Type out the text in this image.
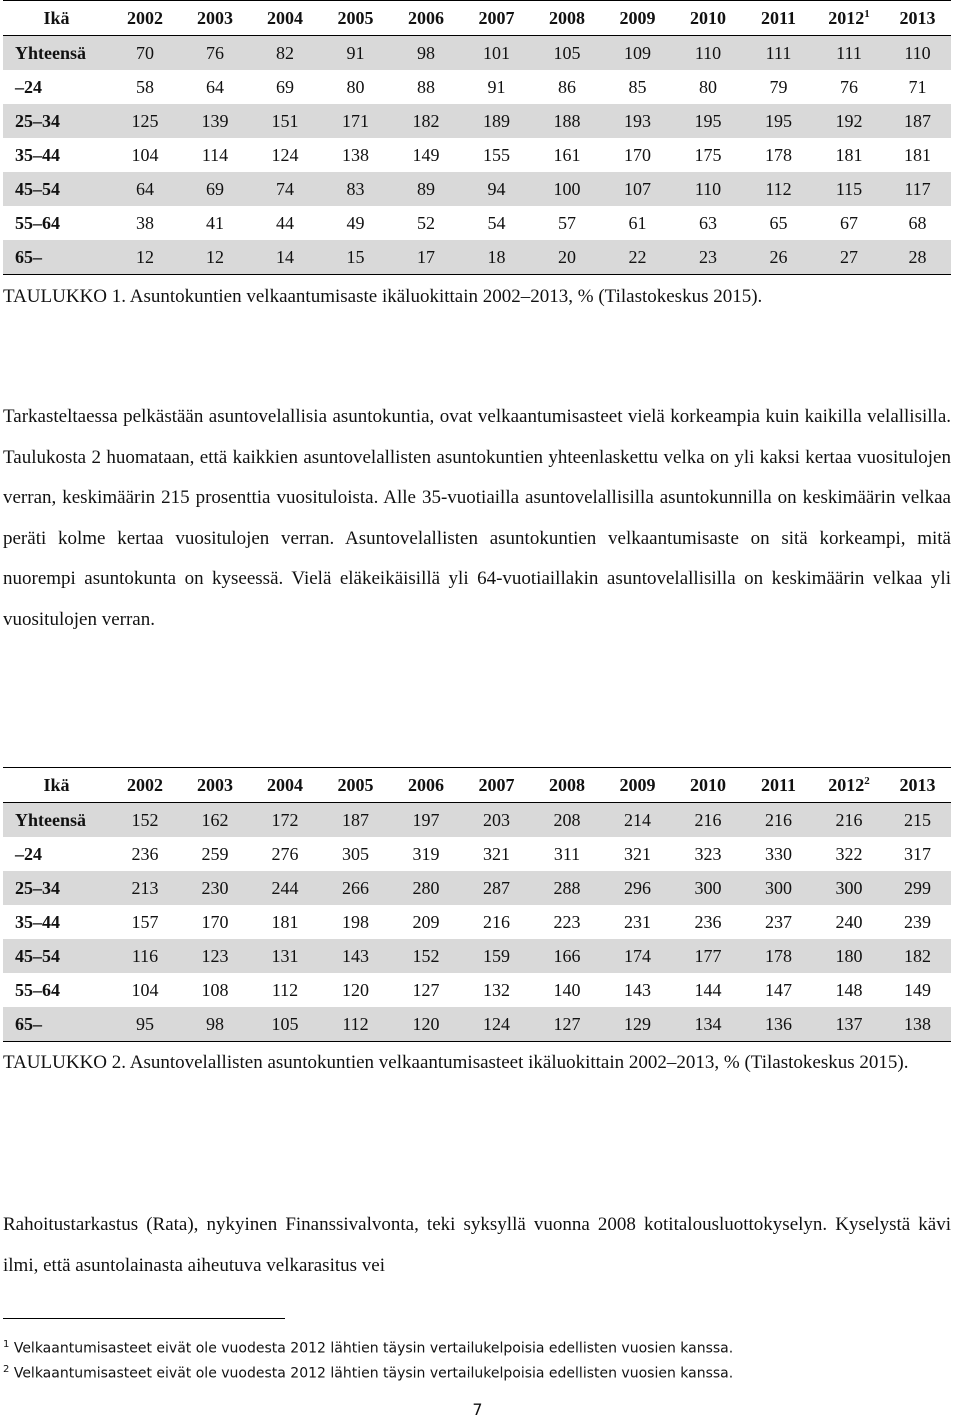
Ikä	2002	2003	2004	2005	2006	2007	2008	2009	2010	2011	2012$^1$	2013
Yhteensä	70	76	82	91	98	101	105	109	110	111	111	110
–24	58	64	69	80	88	91	86	85	80	79	76	71
25–34	125	139	151	171	182	189	188	193	195	195	192	187
35–44	104	114	124	138	149	155	161	170	175	178	181	181
45–54	64	69	74	83	89	94	100	107	110	112	115	117
55–64	38	41	44	49	52	54	57	61	63	65	67	68
65–	12	12	14	15	17	18	20	22	23	26	27	28
TAULUKKO 1. Asuntokuntien velkaantumisaste ikäluokittain 2002–2013, % (Tilastokeskus 2015).

Tarkasteltaessa pelkästään asuntovelallisia asuntokuntia, ovat velkaantumisasteet vielä korkeampia kuin kaikilla velallisilla. Taulukosta 2 huomataan, että kaikkien asuntovelallisten asuntokuntien yhteenlaskettu velka on yli kaksi kertaa vuositulojen verran, keskimäärin 215 prosenttia vuosituloista. Alle 35-vuotiailla asuntovelallisilla asuntokunnilla on keskimäärin velkaa peräti kolme kertaa vuositulojen verran. Asuntovelallisten asuntokuntien velkaantumisaste on sitä korkeampi, mitä nuorempi asuntokunta on kyseessä. Vielä eläkeikäisillä yli 64-vuotiaillakin asuntovelallisilla on keskimäärin velkaa yli vuositulojen verran.

Ikä	2002	2003	2004	2005	2006	2007	2008	2009	2010	2011	2012$^2$	2013
Yhteensä	152	162	172	187	197	203	208	214	216	216	216	215
–24	236	259	276	305	319	321	311	321	323	330	322	317
25–34	213	230	244	266	280	287	288	296	300	300	300	299
35–44	157	170	181	198	209	216	223	231	236	237	240	239
45–54	116	123	131	143	152	159	166	174	177	178	180	182
55–64	104	108	112	120	127	132	140	143	144	147	148	149
65–	95	98	105	112	120	124	127	129	134	136	137	138
TAULUKKO 2. Asuntovelallisten asuntokuntien velkaantumisasteet ikäluokittain 2002–2013, % (Tilastokeskus 2015).

Rahoitustarkastus (Rata), nykyinen Finanssivalvonta, teki syksyllä vuonna 2008 kotitalousluottokyselyn. Kyselystä kävi ilmi, että asuntolainasta aiheutuva velkarasitus vei

$^1$ Velkaantumisasteet eivät ole vuodesta 2012 lähtien täysin vertailukelpoisia edellisten vuosien kanssa.
$^2$ Velkaantumisasteet eivät ole vuodesta 2012 lähtien täysin vertailukelpoisia edellisten vuosien kanssa.
7
